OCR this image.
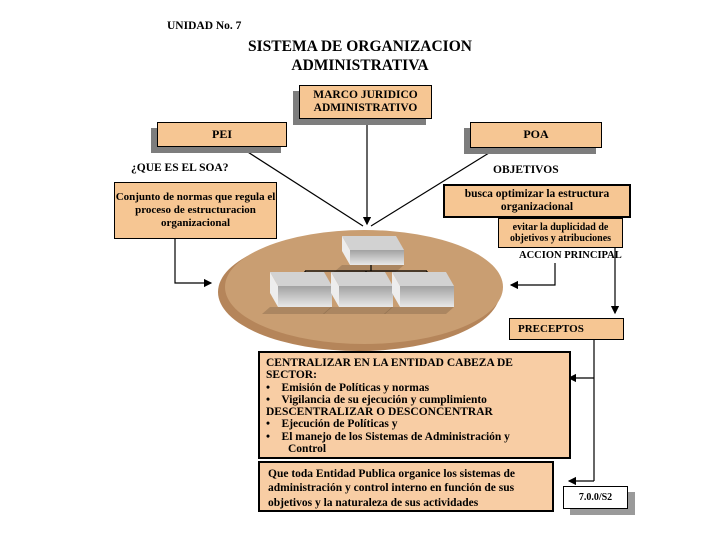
UNIDAD No. 7
SISTEMA DE ORGANIZACION ADMINISTRATIVA
MARCO JURIDICO ADMINISTRATIVO
PEI	POA
¿QUE ES EL SOA?
Conjunto de normas que regula el proceso de estructuracion organizacional
OBJETIVOS
busca optimizar la estructura organizacional
evitar la duplicidad de objetivos y atribuciones
ACCION PRINCIPAL
PRECEPTOS
CENTRALIZAR EN LA ENTIDAD CABEZA DE
SECTOR:
•    Emisión de Políticas y normas
•    Vigilancia de su ejecución y cumplimiento
DESCENTRALIZAR O DESCONCENTRAR
•    Ejecución de Políticas y
•    El manejo de los Sistemas de Administración y
Control
Que toda Entidad Publica organice los sistemas de administración y control interno en función de sus objetivos y la naturaleza de sus actividades	7.0.0/S2
